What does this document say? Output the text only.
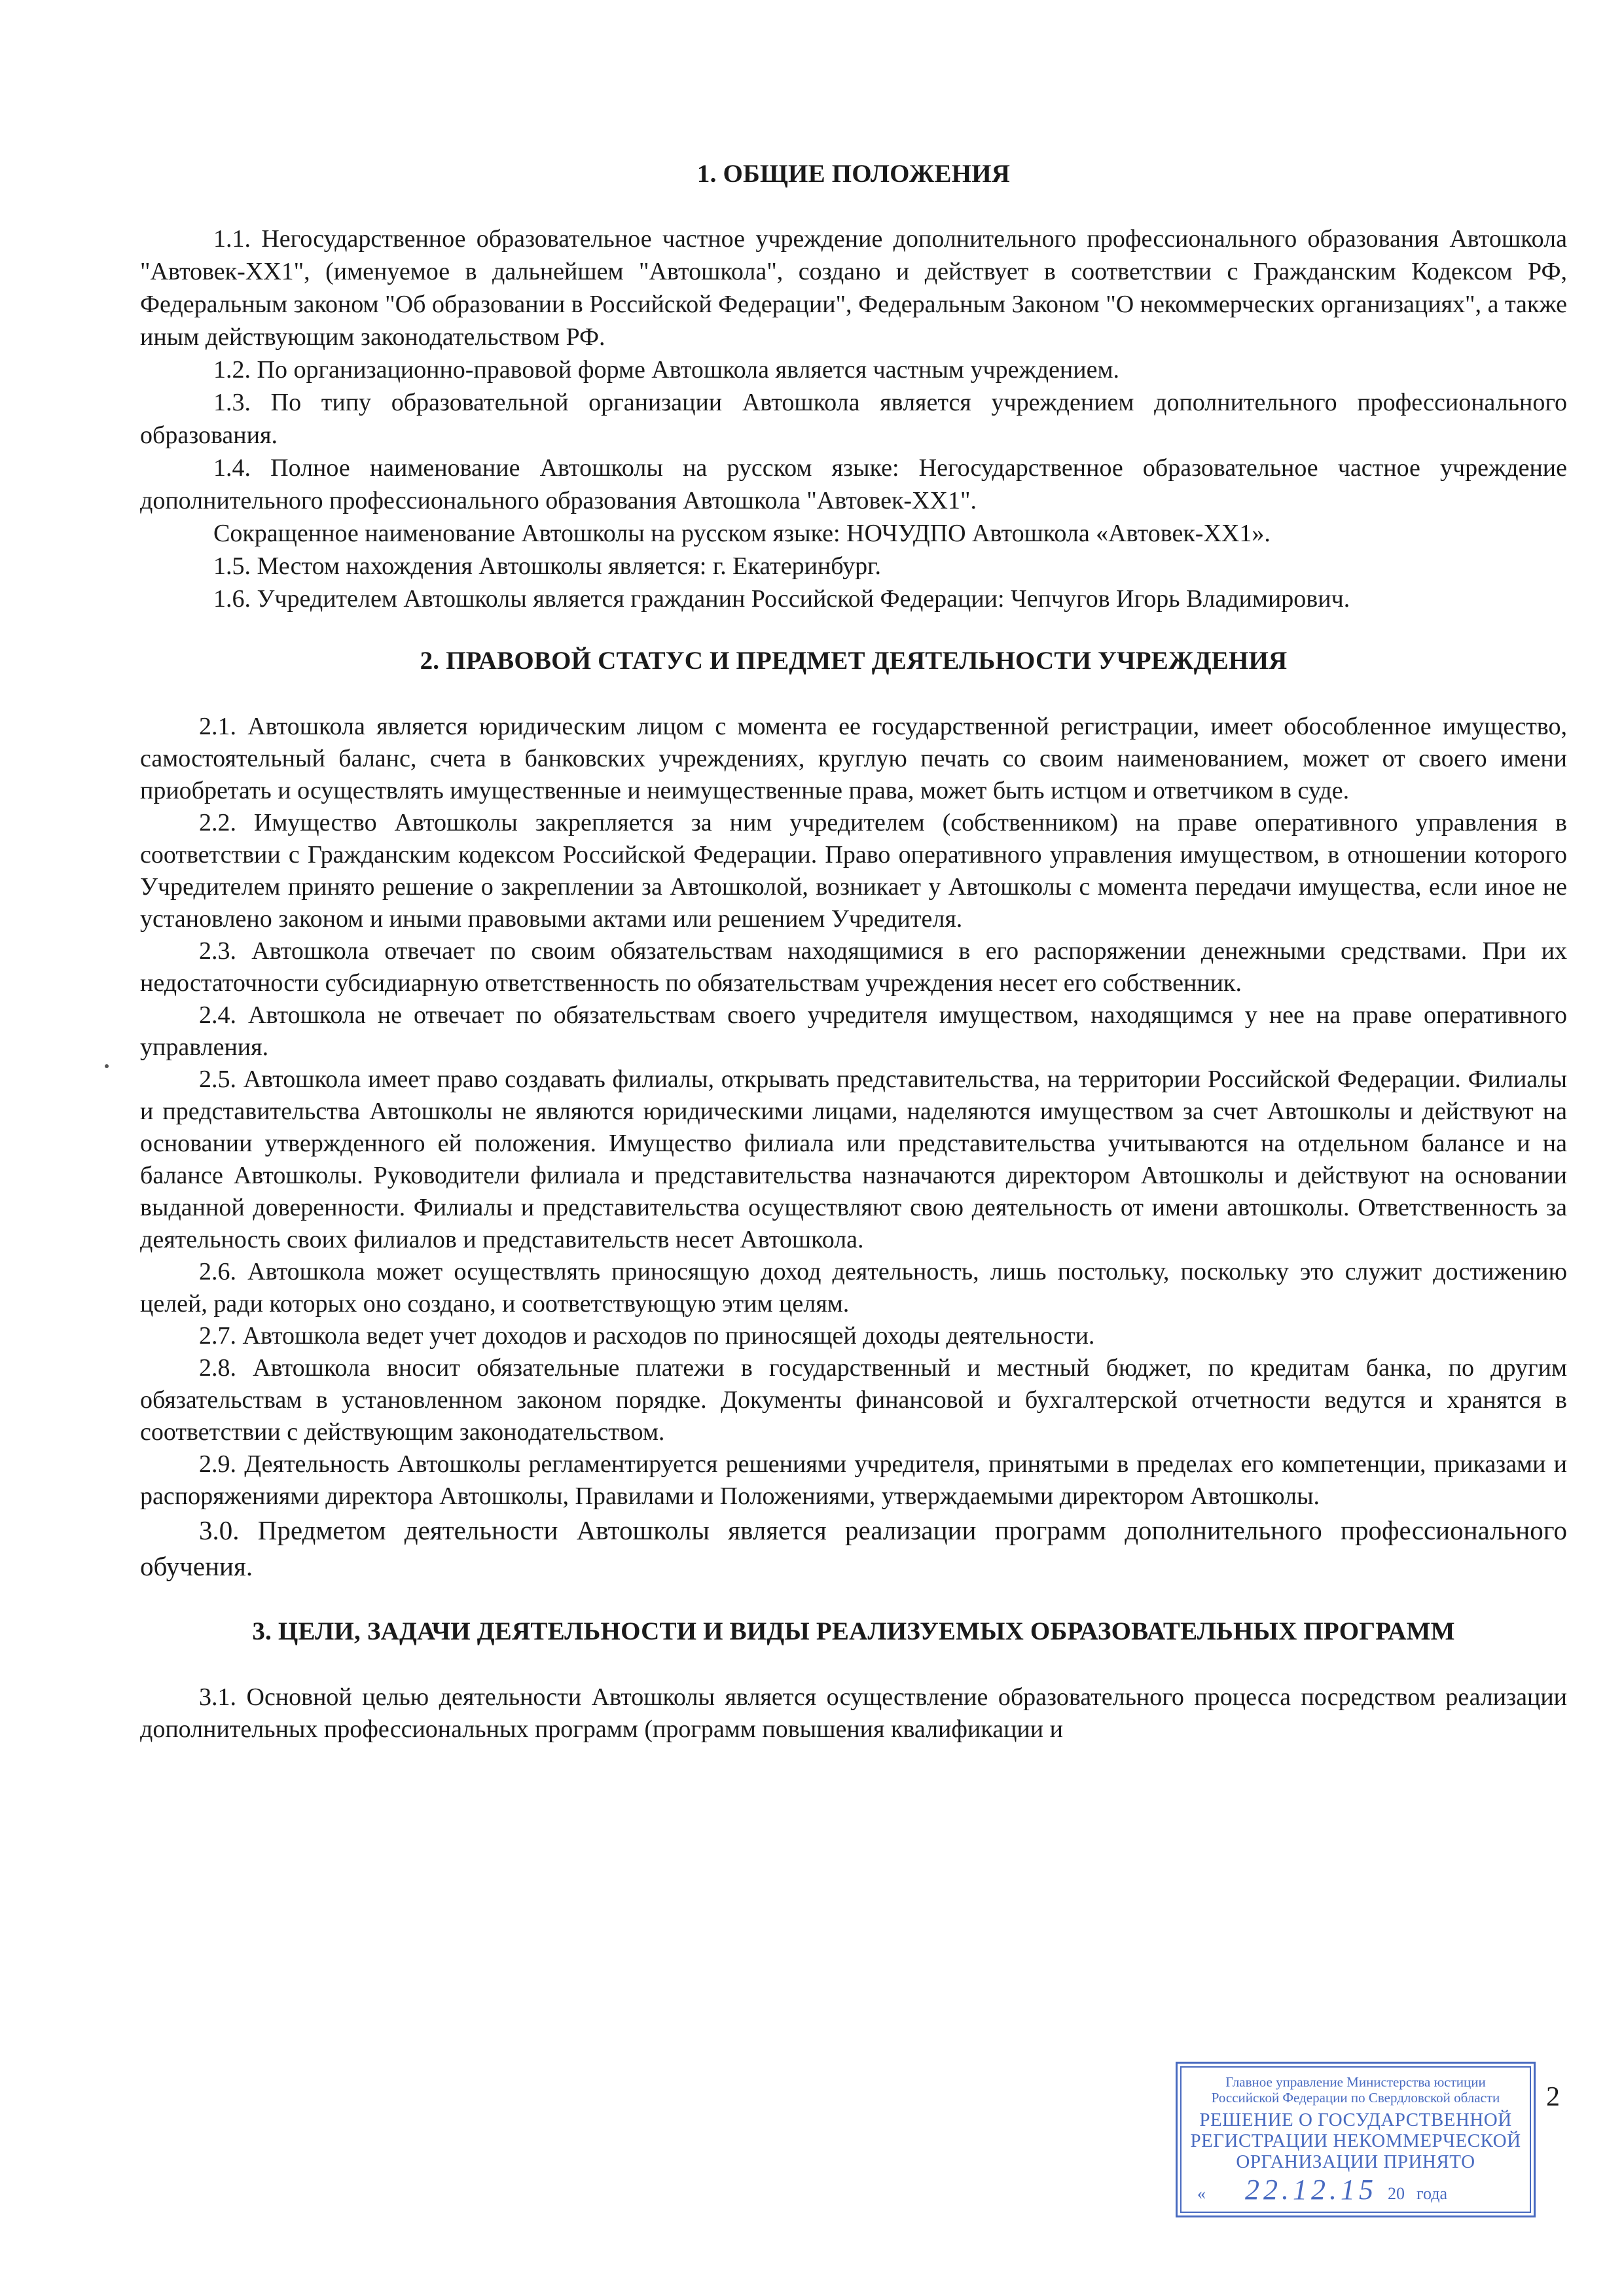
1. ОБЩИЕ ПОЛОЖЕНИЯ

1.1. Негосударственное образовательное частное учреждение дополнительного профессионального образования Автошкола "Автовек-ХХ1", (именуемое в дальнейшем "Автошкола", создано и действует в соответствии с Гражданским Кодексом РФ, Федеральным законом "Об образовании в Российской Федерации", Федеральным Законом "О некоммерческих организациях", а также иным действующим законодательством РФ.

1.2. По организационно-правовой форме Автошкола является частным учреждением.

1.3. По типу образовательной организации Автошкола является учреждением дополнительного профессионального образования.

1.4. Полное наименование Автошколы на русском языке: Негосударственное образовательное частное учреждение дополнительного профессионального образования Автошкола "Автовек-ХХ1".

Сокращенное наименование Автошколы на русском языке: НОЧУДПО Автошкола «Автовек-ХХ1».

1.5. Местом нахождения Автошколы является: г. Екатеринбург.

1.6. Учредителем Автошколы является гражданин Российской Федерации: Чепчугов Игорь Владимирович.

2. ПРАВОВОЙ СТАТУС И ПРЕДМЕТ ДЕЯТЕЛЬНОСТИ УЧРЕЖДЕНИЯ

2.1. Автошкола является юридическим лицом с момента ее государственной регистрации, имеет обособленное имущество, самостоятельный баланс, счета в банковских учреждениях, круглую печать со своим наименованием, может от своего имени приобретать и осуществлять имущественные и неимущественные права, может быть истцом и ответчиком в суде.

2.2. Имущество Автошколы закрепляется за ним учредителем (собственником) на праве оперативного управления в соответствии с Гражданским кодексом Российской Федерации. Право оперативного управления имуществом, в отношении которого Учредителем принято решение о закреплении за Автошколой, возникает у Автошколы с момента передачи имущества, если иное не установлено законом и иными правовыми актами или решением Учредителя.

2.3. Автошкола отвечает по своим обязательствам находящимися в его распоряжении денежными средствами. При их недостаточности субсидиарную ответственность по обязательствам учреждения несет его собственник.

2.4. Автошкола не отвечает по обязательствам своего учредителя имуществом, находящимся у нее на праве оперативного управления.

2.5. Автошкола имеет право создавать филиалы, открывать представительства, на территории Российской Федерации. Филиалы и представительства Автошколы не являются юридическими лицами, наделяются имуществом за счет Автошколы и действуют на основании утвержденного ей положения. Имущество филиала или представительства учитываются на отдельном балансе и на балансе Автошколы. Руководители филиала и представительства назначаются директором Автошколы и действуют на основании выданной доверенности. Филиалы и представительства осуществляют свою деятельность от имени автошколы. Ответственность за деятельность своих филиалов и представительств несет Автошкола.

2.6. Автошкола может осуществлять приносящую доход деятельность, лишь постольку, поскольку это служит достижению целей, ради которых оно создано, и соответствующую этим целям.

2.7. Автошкола ведет учет доходов и расходов по приносящей доходы деятельности.

2.8. Автошкола вносит обязательные платежи в государственный и местный бюджет, по кредитам банка, по другим обязательствам в установленном законом порядке. Документы финансовой и бухгалтерской отчетности ведутся и хранятся в соответствии с действующим законодательством.

2.9. Деятельность Автошколы регламентируется решениями учредителя, принятыми в пределах его компетенции, приказами и распоряжениями директора Автошколы, Правилами и Положениями, утверждаемыми директором Автошколы.

3.0. Предметом деятельности Автошколы является реализации программ дополнительного профессионального обучения.

3. ЦЕЛИ, ЗАДАЧИ ДЕЯТЕЛЬНОСТИ И ВИДЫ РЕАЛИЗУЕМЫХ ОБРАЗОВАТЕЛЬНЫХ ПРОГРАММ

3.1. Основной целью деятельности Автошколы является осуществление образовательного процесса посредством реализации дополнительных профессиональных программ (программ повышения квалификации и

2
Главное управление Министерства юстиции
Российской Федерации по Свердловской области
РЕШЕНИЕ О ГОСУДАРСТВЕННОЙ
РЕГИСТРАЦИИ НЕКОММЕРЧЕСКОЙ
ОРГАНИЗАЦИИ ПРИНЯТО
« 22.12.15 20 года
